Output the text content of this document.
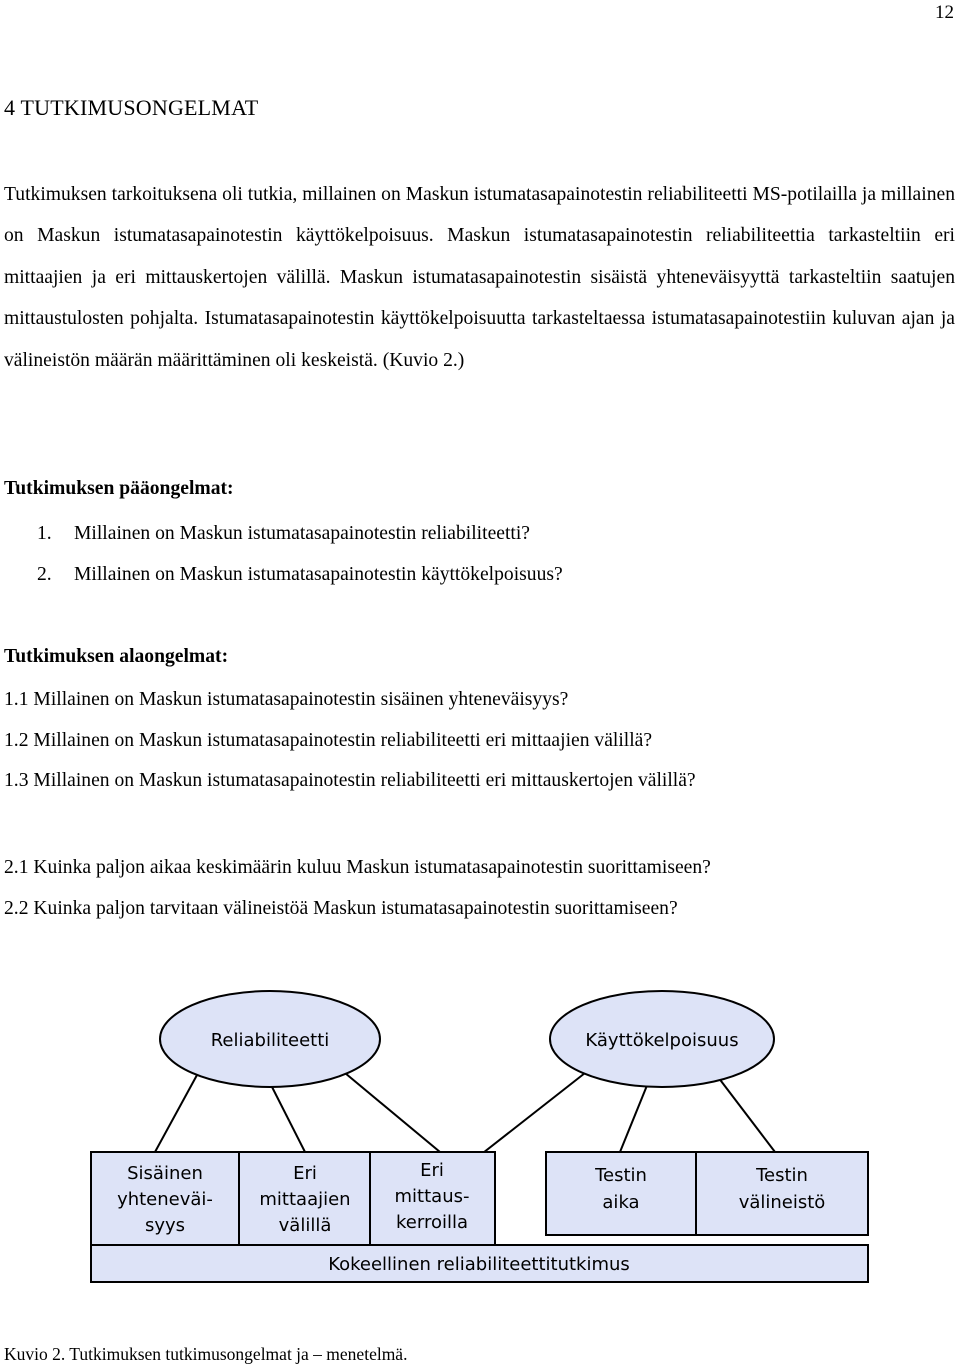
12
4 TUTKIMUSONGELMAT

Tutkimuksen tarkoituksena oli tutkia, millainen on Maskun istumatasapainotestin reliabiliteetti MS-potilailla ja millainen on Maskun istumatasapainotestin käyttökelpoisuus. Maskun istumatasapainotestin reliabiliteettia tarkasteltiin eri mittaajien ja eri mittauskertojen välillä. Maskun istumatasapainotestin sisäistä yhteneväisyyttä tarkasteltiin saatujen mittaustulosten pohjalta. Istumatasapainotestin käyttökelpoisuutta tarkasteltaessa istumatasapainotestiin kuluvan ajan ja välineistön määrän määrittäminen oli keskeistä. (Kuvio 2.)

Tutkimuksen pääongelmat:
1. Millainen on Maskun istumatasapainotestin reliabiliteetti?
2. Millainen on Maskun istumatasapainotestin käyttökelpoisuus?
Tutkimuksen alaongelmat:
1.1 Millainen on Maskun istumatasapainotestin sisäinen yhteneväisyys?
1.2 Millainen on Maskun istumatasapainotestin reliabiliteetti eri mittaajien välillä?
1.3 Millainen on Maskun istumatasapainotestin reliabiliteetti eri mittauskertojen välillä?
2.1 Kuinka paljon aikaa keskimäärin kuluu Maskun istumatasapainotestin suorittamiseen?
2.2 Kuinka paljon tarvitaan välineistöä Maskun istumatasapainotestin suorittamiseen?
Reliabiliteetti	Käyttökelpoisuus
Sisäinen
yhteneväi-
syys
Eri
mittaajien
välillä
Eri
mittaus-
kerroilla
Testin
aika
Testin
välineistö
Kokeellinen reliabiliteettitutkimus

Kuvio 2. Tutkimuksen tutkimusongelmat ja – menetelmä.
